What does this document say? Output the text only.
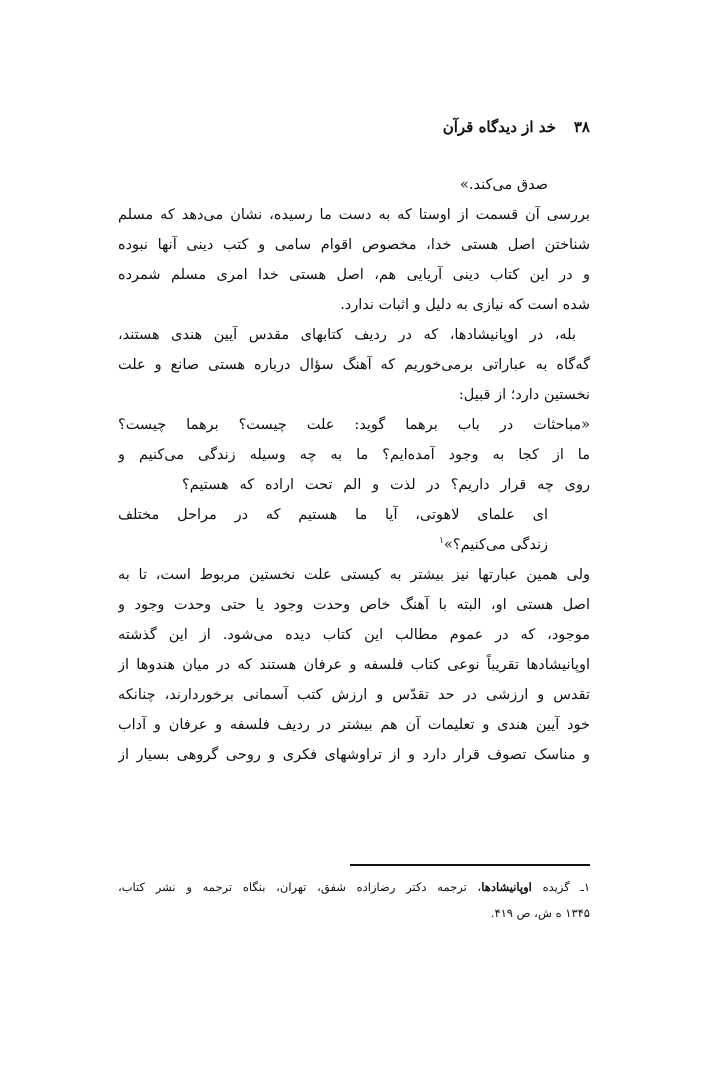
۳۸خد از دیدگاه قرآن
صدق می‌کند.»
بررسی آن قسمت از اوستا که به دست ما رسیده، نشان می‌دهد که مسلم
شناختن اصل هستی خدا، مخصوص اقوام سامی و کتب دینی آنها نبوده
و در این کتاب دینی آریایی هم، اصل هستی خدا امری مسلم شمرده
شده است که نیازی به دلیل و اثبات ندارد.
بله، در اوپانیشادها، که در ردیف کتابهای مقدس آیین هندی هستند،
گه‌گاه به عباراتی برمی‌خوریم که آهنگ سؤال درباره هستی صانع و علت
نخستین دارد؛ از قبیل:
«مباحثات در باب برهما گوید: علت چیست؟ برهما چیست؟
ما از کجا به وجود آمده‌ایم؟ ما به چه وسیله زندگی می‌کنیم و
روی چه قرار داریم؟ در لذت و الم تحت اراده که هستیم؟
ای علمای لاهوتی، آیا ما هستیم که در مراحل مختلف
زندگی می‌کنیم؟»$^۱$
ولی همین عبارتها نیز بیشتر به کیستی علت نخستین مربوط است، تا به
اصل هستی او، البته با آهنگ خاص وحدت وجود یا حتی وحدت وجود و
موجود، که در عموم مطالب این کتاب دیده می‌شود. از این گذشته
اوپانیشادها تقریباً نوعی کتاب فلسفه و عرفان هستند که در میان هندوها از
تقدس و ارزشی در حد تقدّس و ارزش کتب آسمانی برخوردارند، چنانکه
خود آیین هندی و تعلیمات آن هم بیشتر در ردیف فلسفه و عرفان و آداب
و مناسک تصوف قرار دارد و از تراوشهای فکری و روحی گروهی بسیار از
۱ـ گزیده اوپانیشادها، ترجمه دکتر رضازاده شفق، تهران، بنگاه ترجمه و نشر کتاب،
۱۳۴۵ ه ش، ص ۴۱۹.
